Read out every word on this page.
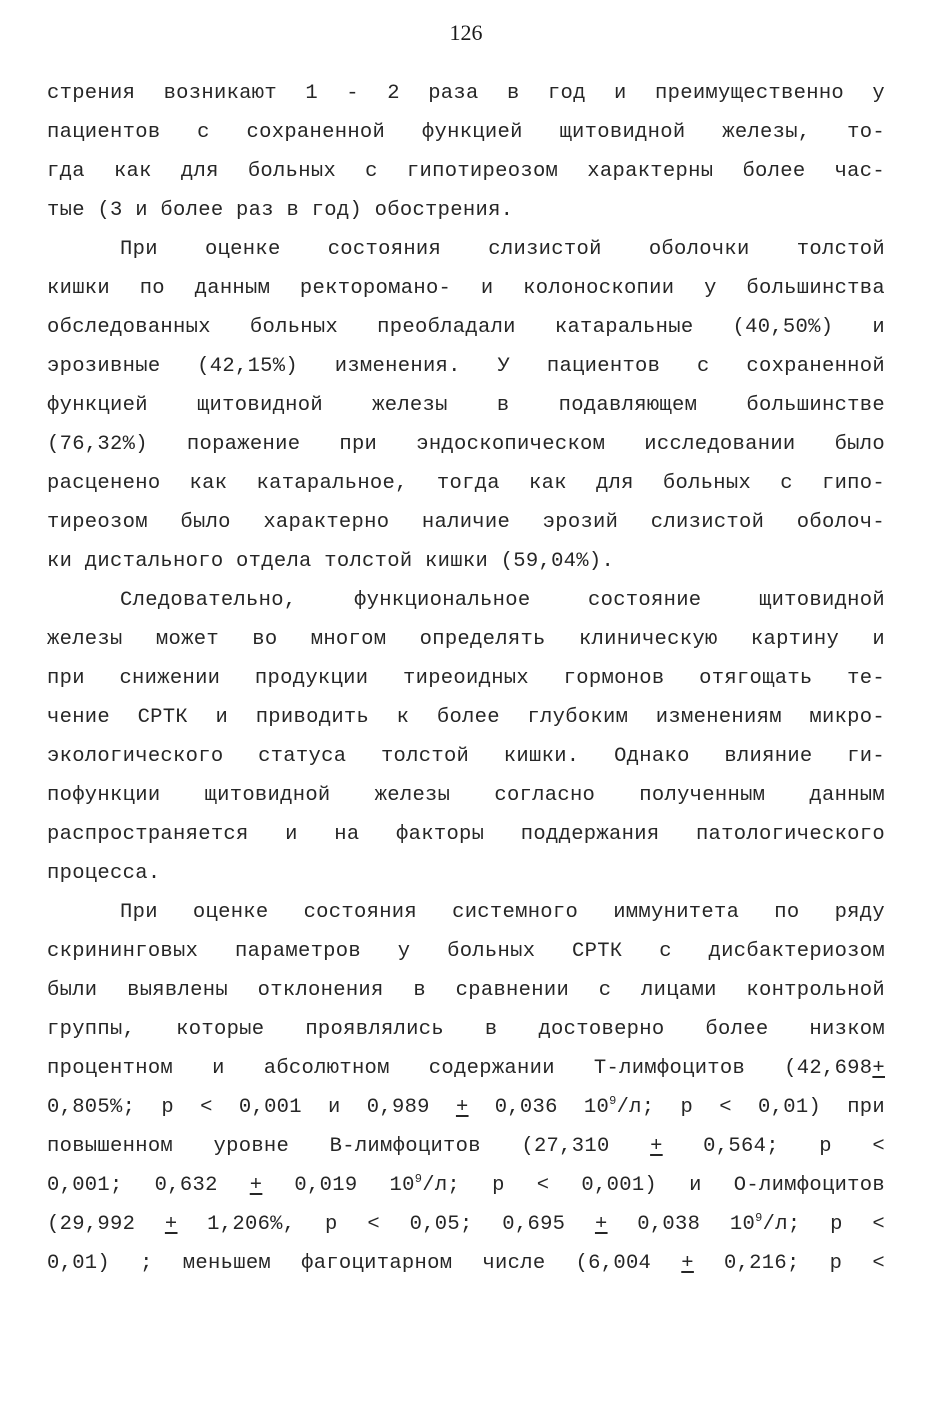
126
стрения возникают 1 - 2 раза в год и преимущественно у
пациентов с сохраненной функцией щитовидной железы, то-
гда как для больных с гипотиреозом характерны более час-
тые (3 и более раз в год) обострения.
При оценке состояния слизистой оболочки толстой
кишки по данным ректороманo- и колоноскопии у большинства
обследованных больных преобладали катаральные (40,50%) и
эрозивные (42,15%) изменения. У пациентов с сохраненной
функцией щитовидной железы в подавляющем большинстве
(76,32%) поражение при эндоскопическом исследовании было
расценено как катаральное, тогда как для больных с гипо-
тиреозом было характерно наличие эрозий слизистой оболоч-
ки дистального отдела толстой кишки (59,04%).
Следовательно, функциональное состояние щитовидной
железы может во многом определять клиническую картину и
при снижении продукции тиреоидных гормонов отягощать те-
чение СРТК и приводить к более глубоким изменениям микро-
экологического статуса толстой кишки. Однако влияние ги-
пофункции щитовидной железы согласно полученным данным
распространяется и на факторы поддержания патологического
процесса.
При оценке состояния системного иммунитета по ряду
скрининговых параметров у больных СРТК с дисбактериозом
были выявлены отклонения в сравнении с лицами контрольной
группы, которые проявлялись в достоверно более низком
процентном и абсолютном содержании Т-лимфоцитов (42,698+
0,805%; р < 0,001 и 0,989 + 0,036 $10^9/л$; р < 0,01) при
повышенном уровне В-лимфоцитов (27,310 + 0,564; р <
0,001; 0,632 + 0,019 $10^9/л$; р < 0,001) и О-лимфоцитов
(29,992 + 1,206%, р < 0,05; 0,695 + 0,038 $10^9/л$; р <
0,01) ; меньшем фагоцитарном числе (6,004 + 0,216; р <
